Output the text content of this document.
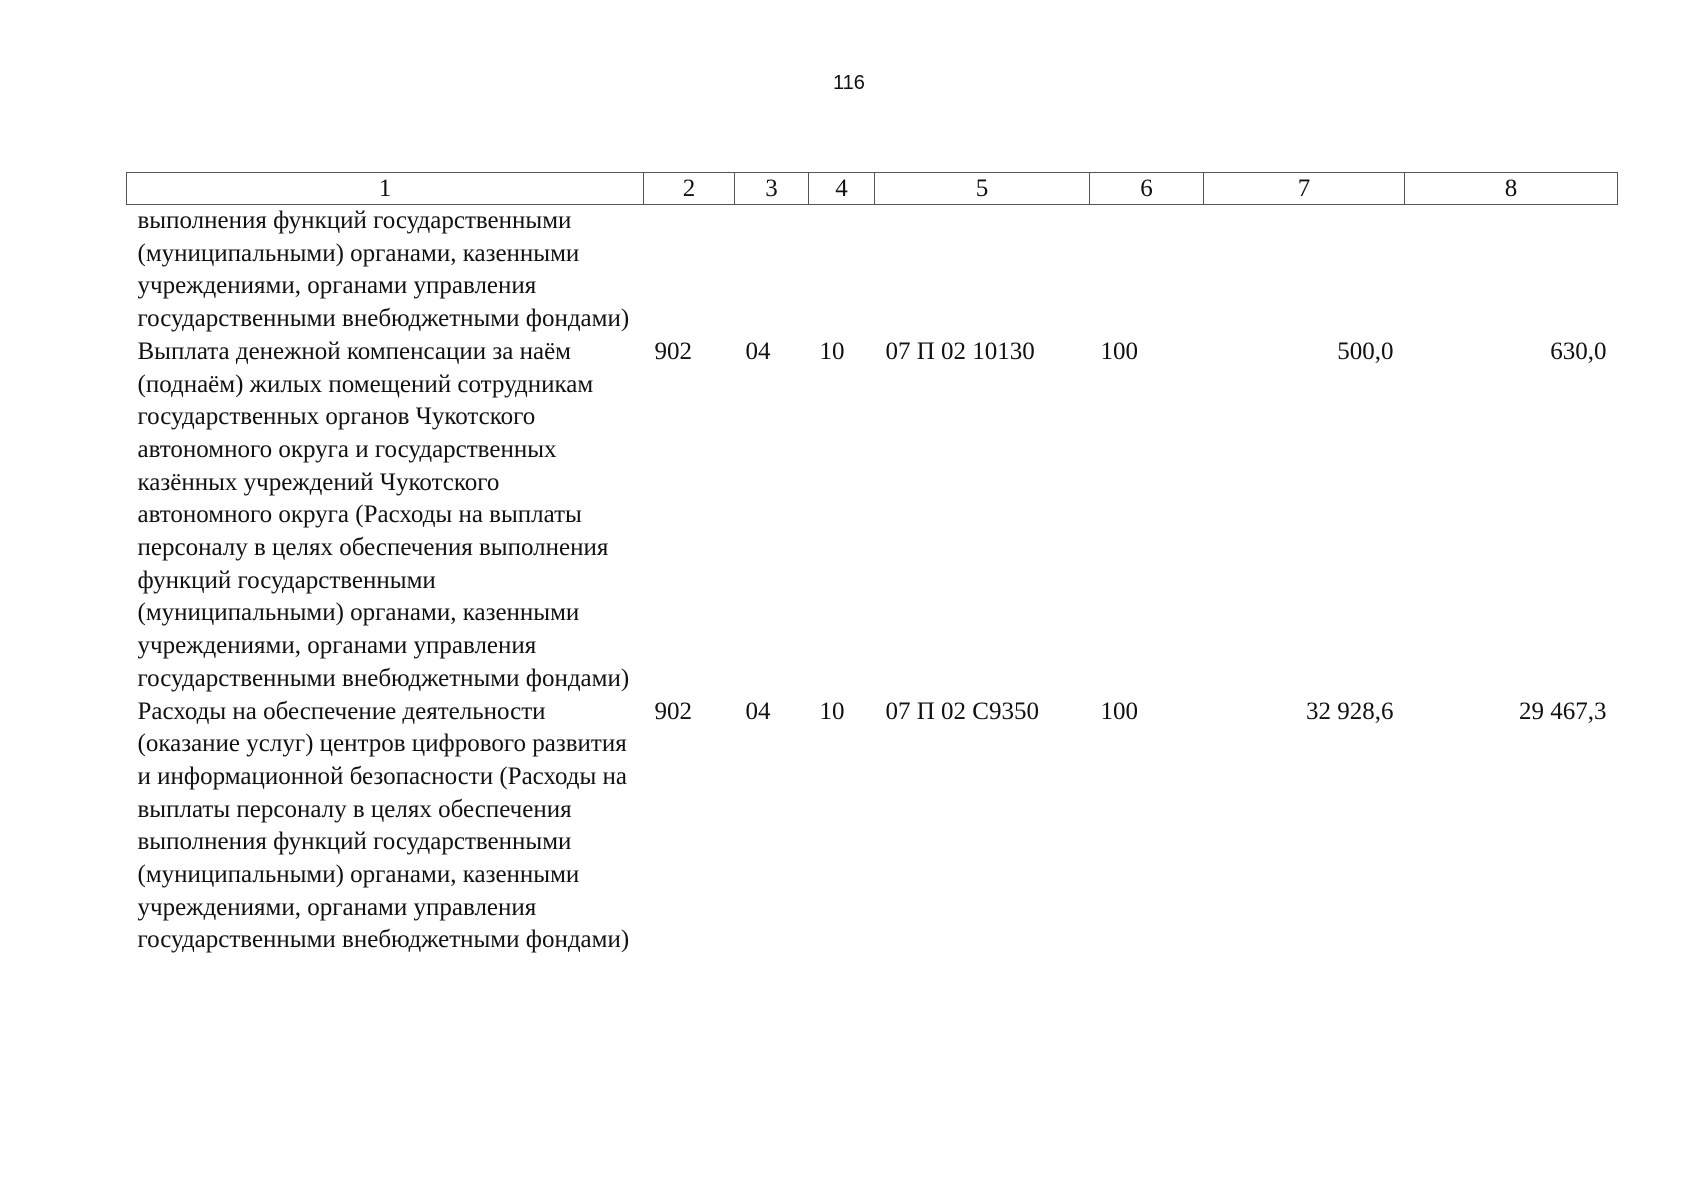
116
1	2	3	4	5	6	7	8
выполнения функций государственными (муниципальными) органами, казенными учреждениями, органами управления государственными внебюджетными фондами)							
Выплата денежной компенсации за наём (поднаём) жилых помещений сотрудникам государственных органов Чукотского автономного округа и государственных казённых учреждений Чукотского автономного округа (Расходы на выплаты персоналу в целях обеспечения выполнения функций государственными (муниципальными) органами, казенными учреждениями, органами управления государственными внебюджетными фондами)	902	04	10	07 П 02 10130	100	500,0	630,0
Расходы на обеспечение деятельности (оказание услуг) центров цифрового развития и информационной безопасности (Расходы на выплаты персоналу в целях обеспечения выполнения функций государственными (муниципальными) органами, казенными учреждениями, органами управления государственными внебюджетными фондами)	902	04	10	07 П 02 С9350	100	32 928,6	29 467,3
